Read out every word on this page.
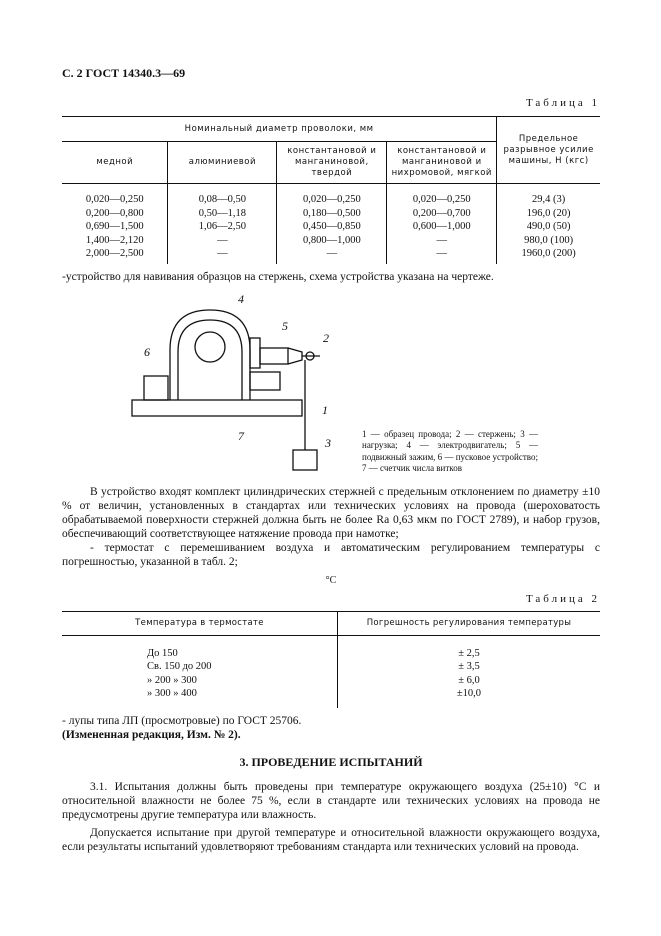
С. 2 ГОСТ 14340.3—69
Таблица 1
Номинальный диаметр проволоки, мм				Предельное разрывное усилие машины, Н (кгс)
медной	алюминиевой	константановой и манганиновой, твердой	константановой и манганиновой и нихромовой, мягкой	
0,020—0,250	0,08—0,50	0,020—0,250	0,020—0,250	29,4 (3)
0,200—0,800	0,50—1,18	0,180—0,500	0,200—0,700	196,0 (20)
0,690—1,500	1,06—2,50	0,450—0,850	0,600—1,000	490,0 (50)
1,400—2,120	—	0,800—1,000	—	980,0 (100)
2,000—2,500	—	—	—	1960,0 (200)
-устройство для навивания образцов на стержень, схема устройства указана на чертеже.
1
2
3
4
5
6
7	1 — образец провода; 2 — стержень; 3 — нагрузка; 4 — электродвигатель; 5 — подвижный зажим, 6 — пусковое устройство; 7 — счетчик числа витков
В устройство входят комплект цилиндрических стержней с предельным отклонением по диаметру ±10 % от величин, установленных в стандартах или технических условиях на провода (шероховатость обрабатываемой поверхности стержней должна быть не более Ra 0,63 мкм по ГОСТ 2789), и набор грузов, обеспечивающий соответствующее натяжение провода при намотке;
- термостат с перемешиванием воздуха и автоматическим регулированием температуры с погрешностью, указанной в табл. 2;
°С
Таблица 2
Температура в термостате	Погрешность регулирования температуры
До 150	± 2,5
Св. 150 до 200	± 3,5
» 200 » 300	± 6,0
» 300 » 400	±10,0
- лупы типа ЛП (просмотровые) по ГОСТ 25706.
(Измененная редакция, Изм. № 2).
3. ПРОВЕДЕНИЕ ИСПЫТАНИЙ
3.1. Испытания должны быть проведены при температуре окружающего воздуха (25±10) °С и относительной влажности не более 75 %, если в стандарте или технических условиях на провода не предусмотрены другие температура или влажность.
Допускается испытание при другой температуре и относительной влажности окружающего воздуха, если результаты испытаний удовлетворяют требованиям стандарта или технических условий на провода.
